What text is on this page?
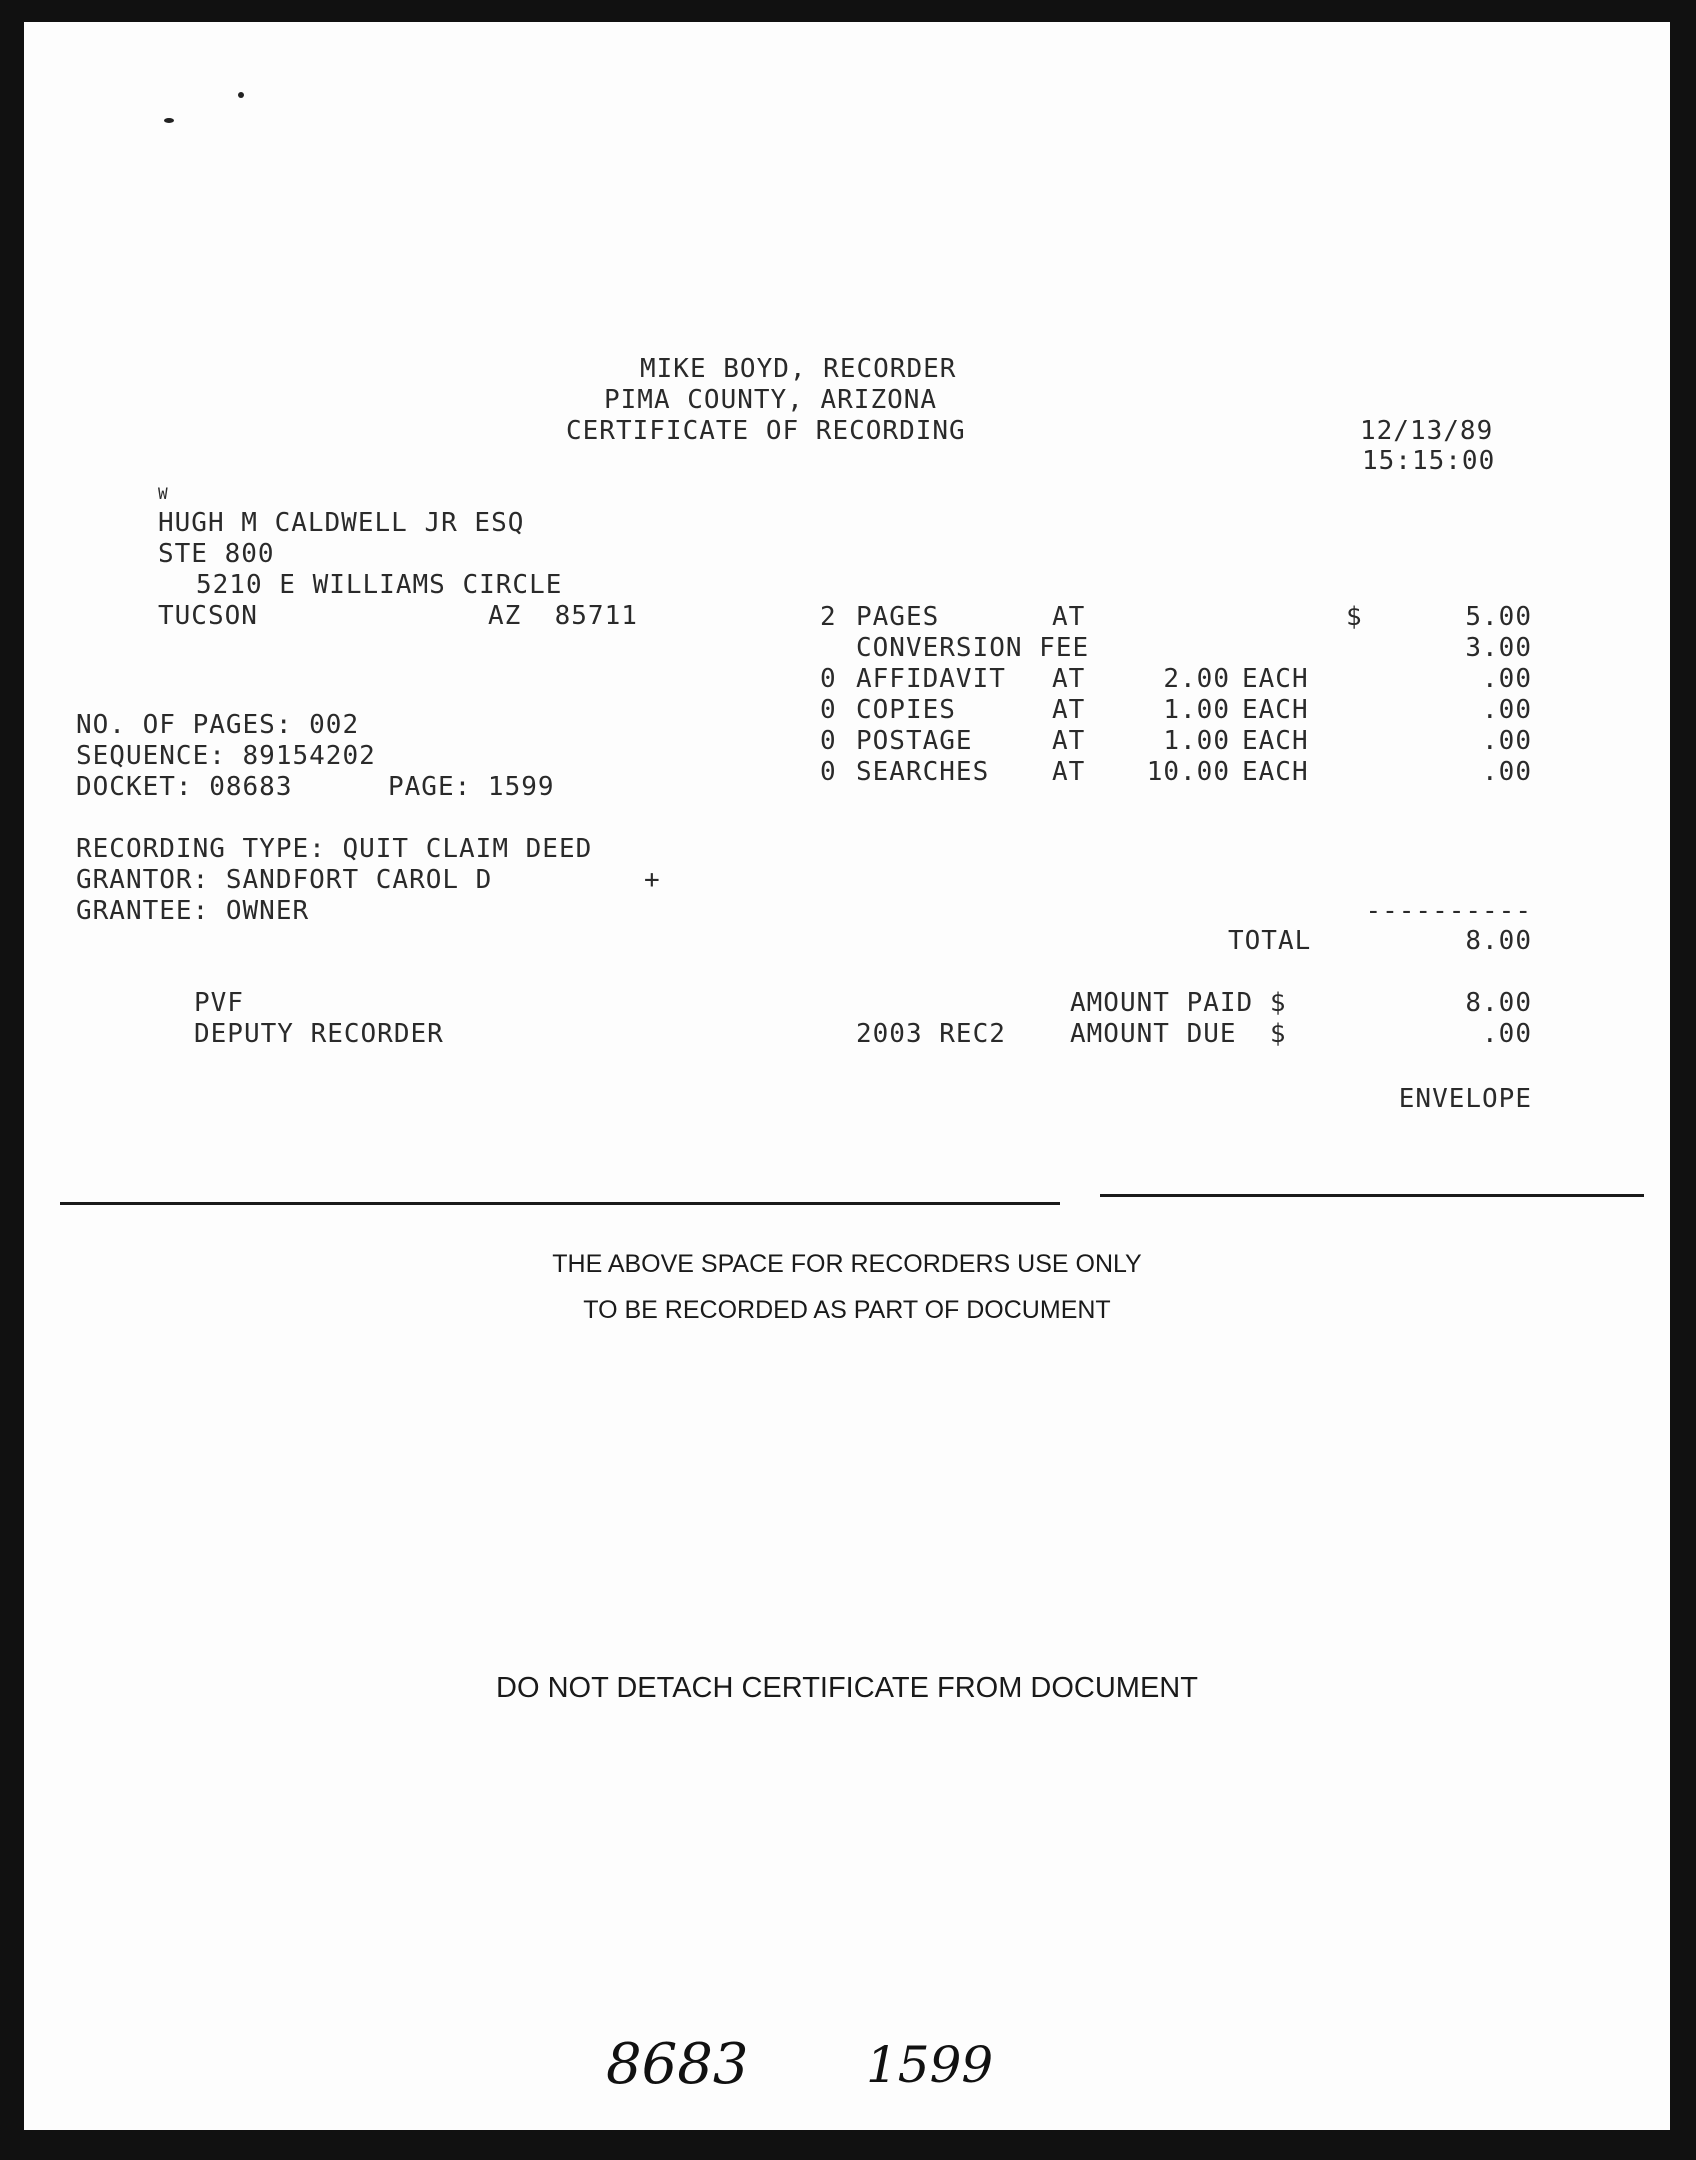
MIKE BOYD, RECORDER
PIMA COUNTY, ARIZONA
CERTIFICATE OF RECORDING	12/13/89
15:15:00
W
HUGH M CALDWELL JR ESQ
STE 800
5210 E WILLIAMS CIRCLE
TUCSON	AZ  85711	2 PAGES	AT	$	5.00
CONVERSION FEE	3.00
0 AFFIDAVIT AT	2.00 EACH	.00
0 COPIES	AT	1.00 EACH	.00
0 POSTAGE	AT	1.00 EACH	.00
0 SEARCHES AT 10.00 EACH	.00
NO. OF PAGES: 002
SEQUENCE: 89154202
DOCKET: 08683	PAGE: 1599
RECORDING TYPE: QUIT CLAIM DEED
GRANTOR: SANDFORT CAROL D	+
GRANTEE: OWNER	----------
TOTAL	8.00
PVF
DEPUTY RECORDER	2003 REC2
AMOUNT PAID $	8.00
AMOUNT DUE  $	.00
ENVELOPE
THE ABOVE SPACE FOR RECORDERS USE ONLY
TO BE RECORDED AS PART OF DOCUMENT
DO NOT DETACH CERTIFICATE FROM DOCUMENT
8683 1599
